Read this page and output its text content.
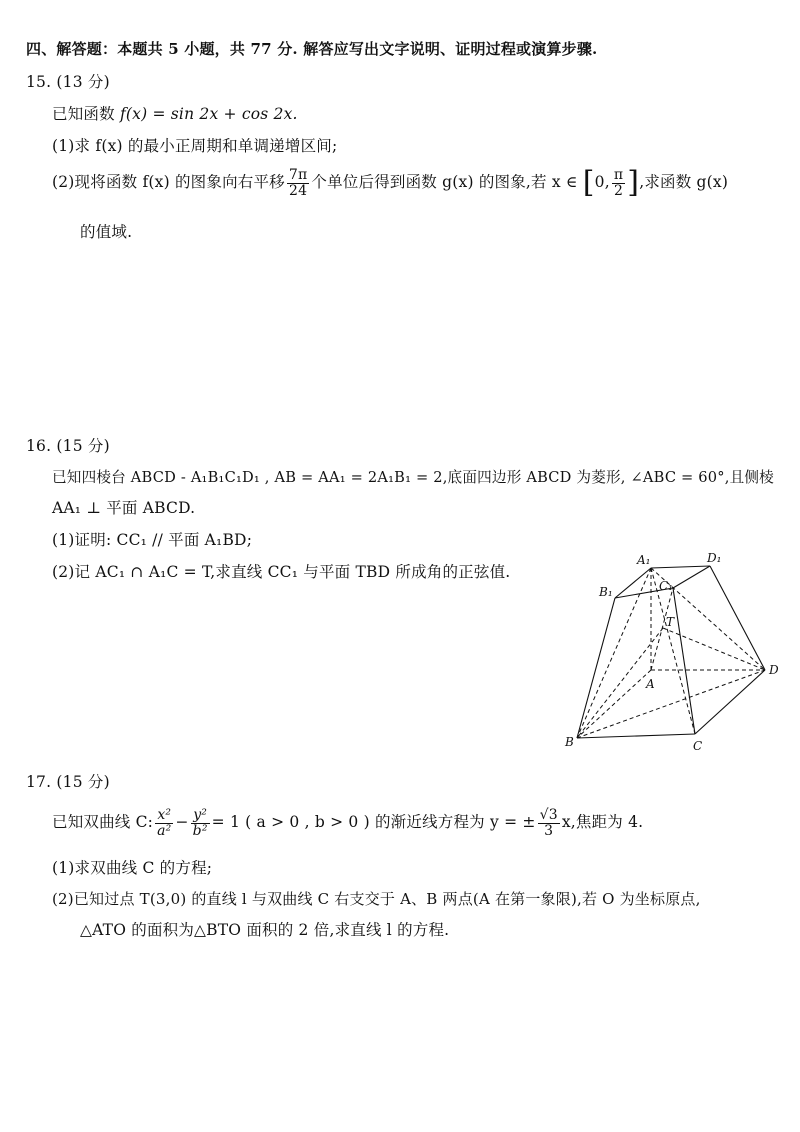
四、解答题：本题共 5 小题，共 77 分. 解答应写出文字说明、证明过程或演算步骤.
15. (13 分)
已知函数 f(x) = sin 2x + cos 2x.
(1)求 f(x) 的最小正周期和单调递增区间;
(2)现将函数 f(x) 的图象向右平移 $\frac{7\pi}{24}$ 个单位后得到函数 g(x) 的图象,若 x ∈ [0, $\frac{\pi}{2}$ ],求函数 g(x)
的值域.
16. (15 分)
已知四棱台 ABCD - A₁B₁C₁D₁ , AB = AA₁ = 2A₁B₁ = 2,底面四边形 ABCD 为菱形, ∠ABC = 60°,且侧棱
AA₁ ⊥ 平面 ABCD.
(1)证明: CC₁ // 平面 A₁BD;
(2)记 AC₁ ∩ A₁C = T,求直线 CC₁ 与平面 TBD 所成角的正弦值.
A₁	D₁
B₁	C₁
T
A
D
B	C
17. (15 分)
已知双曲线 C: $\frac{\text{x²}}{\text{a²}} - \frac{\text{y²}}{\text{b²}} = 1$ ( a > 0 , b > 0 ) 的渐近线方程为 y = ± $\frac{√3}{3} x$,焦距为 4.
(1)求双曲线 C 的方程;
(2)已知过点 T(3,0) 的直线 l 与双曲线 C 右支交于 A、B 两点(A 在第一象限),若 O 为坐标原点,
△ATO 的面积为△BTO 面积的 2 倍,求直线 l 的方程.
